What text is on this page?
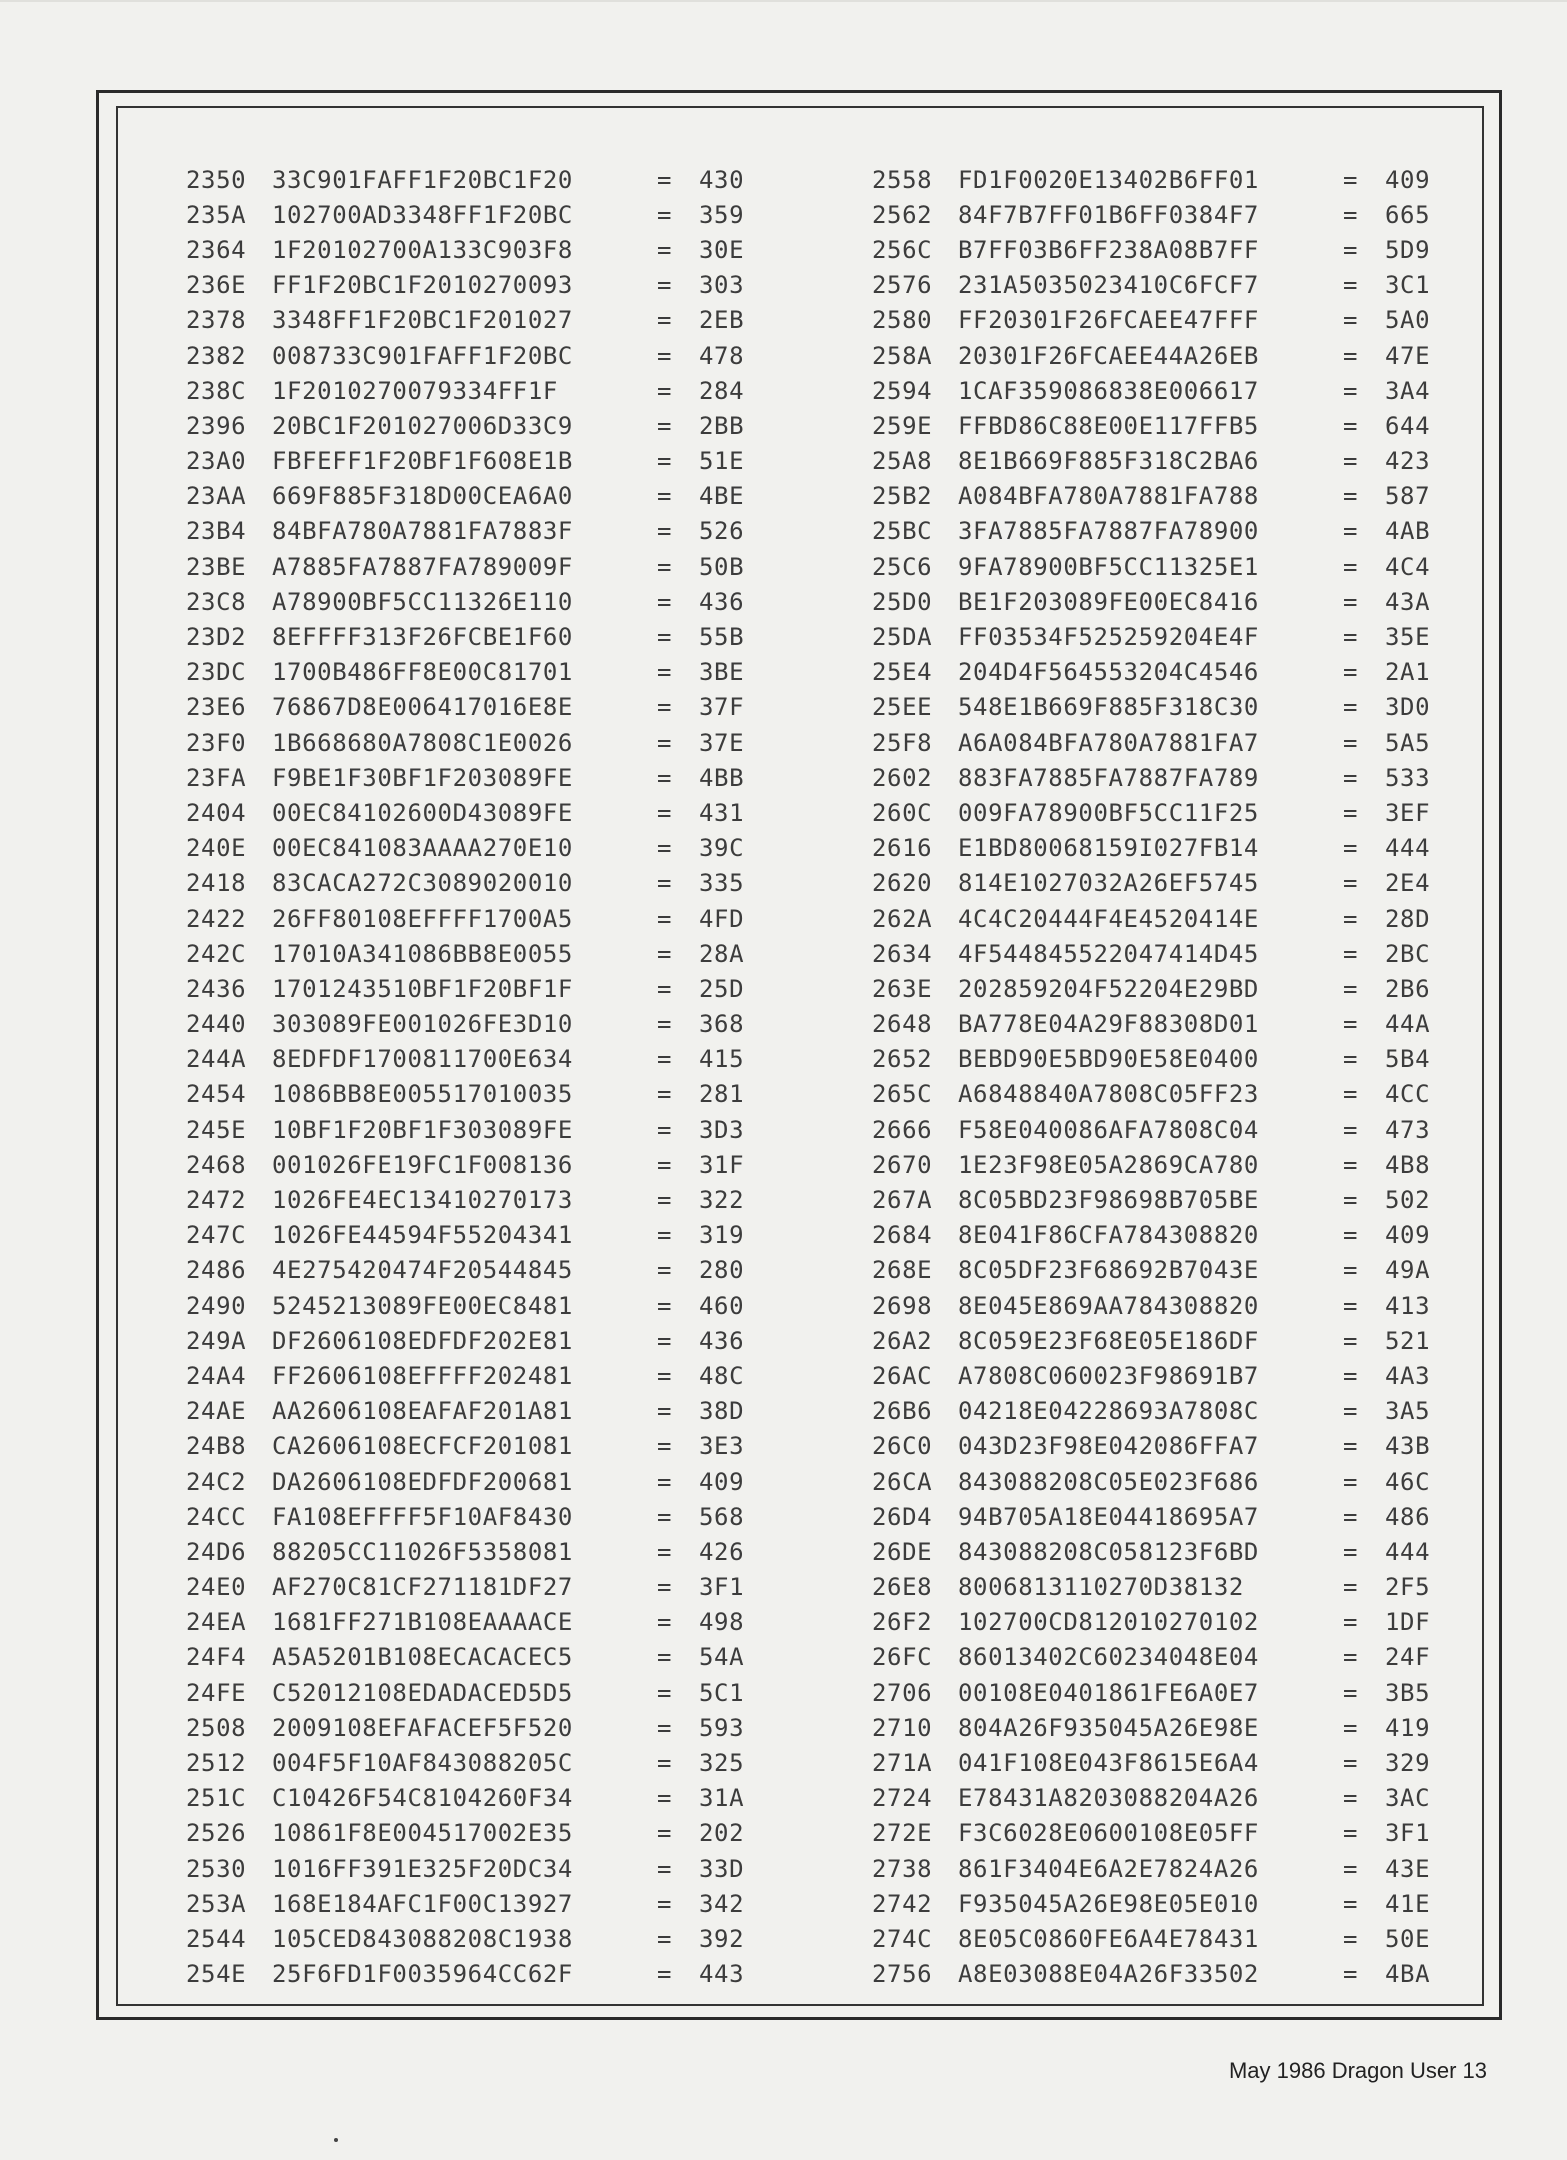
2350	33C901FAFF1F20BC1F20	=	430
235A	102700AD3348FF1F20BC	=	359
2364	1F20102700A133C903F8	=	30E
236E	FF1F20BC1F2010270093	=	303
2378	3348FF1F20BC1F201027	=	2EB
2382	008733C901FAFF1F20BC	=	478
238C	1F2010270079334FF1F	=	284
2396	20BC1F201027006D33C9	=	2BB
23A0	FBFEFF1F20BF1F608E1B	=	51E
23AA	669F885F318D00CEA6A0	=	4BE
23B4	84BFA780A7881FA7883F	=	526
23BE	A7885FA7887FA789009F	=	50B
23C8	A78900BF5CC11326E110	=	436
23D2	8EFFFF313F26FCBE1F60	=	55B
23DC	1700B486FF8E00C81701	=	3BE
23E6	76867D8E006417016E8E	=	37F
23F0	1B668680A7808C1E0026	=	37E
23FA	F9BE1F30BF1F203089FE	=	4BB
2404	00EC84102600D43089FE	=	431
240E	00EC841083AAAA270E10	=	39C
2418	83CACA272C3089020010	=	335
2422	26FF80108EFFFF1700A5	=	4FD
242C	17010A341086BB8E0055	=	28A
2436	1701243510BF1F20BF1F	=	25D
2440	303089FE001026FE3D10	=	368
244A	8EDFDF1700811700E634	=	415
2454	1086BB8E005517010035	=	281
245E	10BF1F20BF1F303089FE	=	3D3
2468	001026FE19FC1F008136	=	31F
2472	1026FE4EC13410270173	=	322
247C	1026FE44594F55204341	=	319
2486	4E275420474F20544845	=	280
2490	5245213089FE00EC8481	=	460
249A	DF2606108EDFDF202E81	=	436
24A4	FF2606108EFFFF202481	=	48C
24AE	AA2606108EAFAF201A81	=	38D
24B8	CA2606108ECFCF201081	=	3E3
24C2	DA2606108EDFDF200681	=	409
24CC	FA108EFFFF5F10AF8430	=	568
24D6	88205CC11026F5358081	=	426
24E0	AF270C81CF271181DF27	=	3F1
24EA	1681FF271B108EAAAACE	=	498
24F4	A5A5201B108ECACACEC5	=	54A
24FE	C52012108EDADACED5D5	=	5C1
2508	2009108EFAFACEF5F520	=	593
2512	004F5F10AF843088205C	=	325
251C	C10426F54C8104260F34	=	31A
2526	10861F8E004517002E35	=	202
2530	1016FF391E325F20DC34	=	33D
253A	168E184AFC1F00C13927	=	342
2544	105CED843088208C1938	=	392
254E	25F6FD1F0035964CC62F	=	443
2558	FD1F0020E13402B6FF01	=	409
2562	84F7B7FF01B6FF0384F7	=	665
256C	B7FF03B6FF238A08B7FF	=	5D9
2576	231A5035023410C6FCF7	=	3C1
2580	FF20301F26FCAEE47FFF	=	5A0
258A	20301F26FCAEE44A26EB	=	47E
2594	1CAF359086838E006617	=	3A4
259E	FFBD86C88E00E117FFB5	=	644
25A8	8E1B669F885F318C2BA6	=	423
25B2	A084BFA780A7881FA788	=	587
25BC	3FA7885FA7887FA78900	=	4AB
25C6	9FA78900BF5CC11325E1	=	4C4
25D0	BE1F203089FE00EC8416	=	43A
25DA	FF03534F525259204E4F	=	35E
25E4	204D4F564553204C4546	=	2A1
25EE	548E1B669F885F318C30	=	3D0
25F8	A6A084BFA780A7881FA7	=	5A5
2602	883FA7885FA7887FA789	=	533
260C	009FA78900BF5CC11F25	=	3EF
2616	E1BD80068159I027FB14	=	444
2620	814E1027032A26EF5745	=	2E4
262A	4C4C20444F4E4520414E	=	28D
2634	4F544845522047414D45	=	2BC
263E	202859204F52204E29BD	=	2B6
2648	BA778E04A29F88308D01	=	44A
2652	BEBD90E5BD90E58E0400	=	5B4
265C	A6848840A7808C05FF23	=	4CC
2666	F58E040086AFA7808C04	=	473
2670	1E23F98E05A2869CA780	=	4B8
267A	8C05BD23F98698B705BE	=	502
2684	8E041F86CFA784308820	=	409
268E	8C05DF23F68692B7043E	=	49A
2698	8E045E869AA784308820	=	413
26A2	8C059E23F68E05E186DF	=	521
26AC	A7808C060023F98691B7	=	4A3
26B6	04218E04228693A7808C	=	3A5
26C0	043D23F98E042086FFA7	=	43B
26CA	843088208C05E023F686	=	46C
26D4	94B705A18E04418695A7	=	486
26DE	843088208C058123F6BD	=	444
26E8	8006813110270D38132	=	2F5
26F2	102700CD812010270102	=	1DF
26FC	86013402C60234048E04	=	24F
2706	00108E0401861FE6A0E7	=	3B5
2710	804A26F935045A26E98E	=	419
271A	041F108E043F8615E6A4	=	329
2724	E78431A8203088204A26	=	3AC
272E	F3C6028E0600108E05FF	=	3F1
2738	861F3404E6A2E7824A26	=	43E
2742	F935045A26E98E05E010	=	41E
274C	8E05C0860FE6A4E78431	=	50E
2756	A8E03088E04A26F33502	=	4BA
May 1986 Dragon User 13
